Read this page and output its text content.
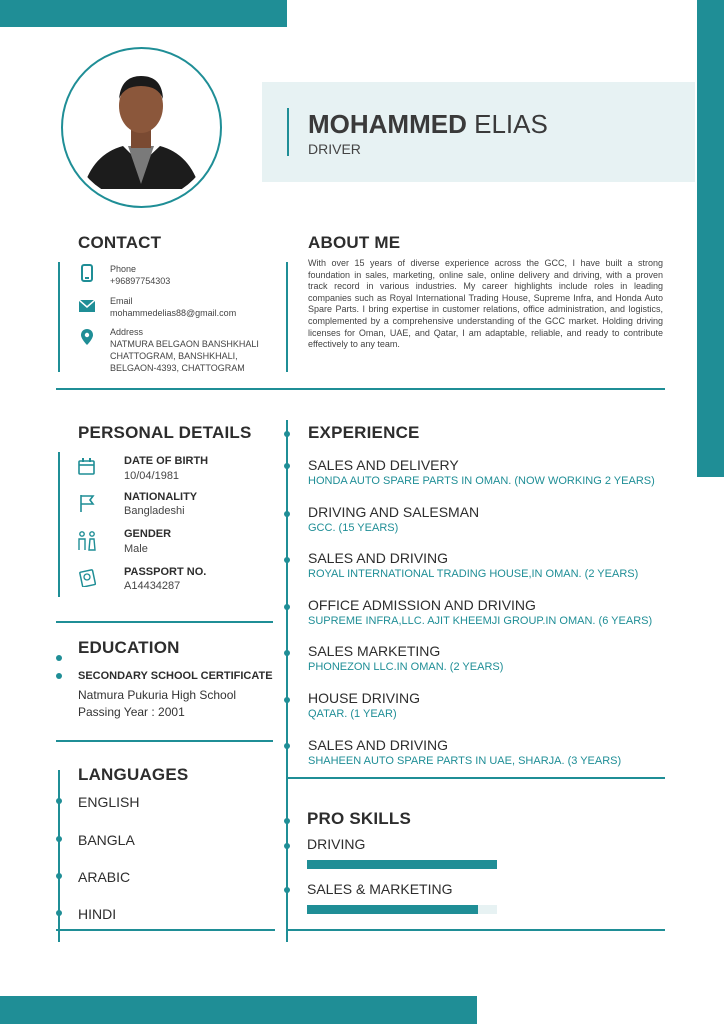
MOHAMMED ELIAS
DRIVER
CONTACT
Phone
+96897754303
Email
mohammedelias88@gmail.com
Address
NATMURA BELGAON BANSHKHALI
CHATTOGRAM, BANSHKHALI,
BELGAON-4393, CHATTOGRAM
ABOUT ME
With over 15 years of diverse experience across the GCC, I have built a strong foundation in sales, marketing, online sale, online delivery and driving, with a proven track record in various industries. My career highlights include roles in leading companies such as Royal International Trading House, Supreme Infra, and Honda Auto Spare Parts. I bring expertise in customer relations, office administration, and logistics, complemented by a comprehensive understanding of the GCC market. Holding driving licenses for Oman, UAE, and Qatar, I am adaptable, reliable, and ready to contribute effectively to any team.
PERSONAL DETAILS
DATE OF BIRTH
10/04/1981
NATIONALITY
Bangladeshi
GENDER
Male
PASSPORT NO.
A14434287
EDUCATION
SECONDARY SCHOOL CERTIFICATE
Natmura Pukuria High School
Passing Year : 2001
LANGUAGES
ENGLISH
BANGLA
ARABIC
HINDI
EXPERIENCE
SALES AND DELIVERY
HONDA AUTO SPARE PARTS IN OMAN. (NOW WORKING 2 YEARS)
DRIVING AND SALESMAN
GCC. (15 YEARS)
SALES AND DRIVING
ROYAL INTERNATIONAL TRADING HOUSE,IN OMAN. (2 YEARS)
OFFICE ADMISSION AND DRIVING
SUPREME INFRA,LLC. AJIT KHEEMJI GROUP.IN OMAN. (6 YEARS)
SALES MARKETING
PHONEZON LLC.IN OMAN. (2 YEARS)
HOUSE DRIVING
QATAR. (1 YEAR)
SALES AND DRIVING
SHAHEEN AUTO SPARE PARTS IN UAE, SHARJA. (3 YEARS)
PRO SKILLS
DRIVING
SALES & MARKETING
